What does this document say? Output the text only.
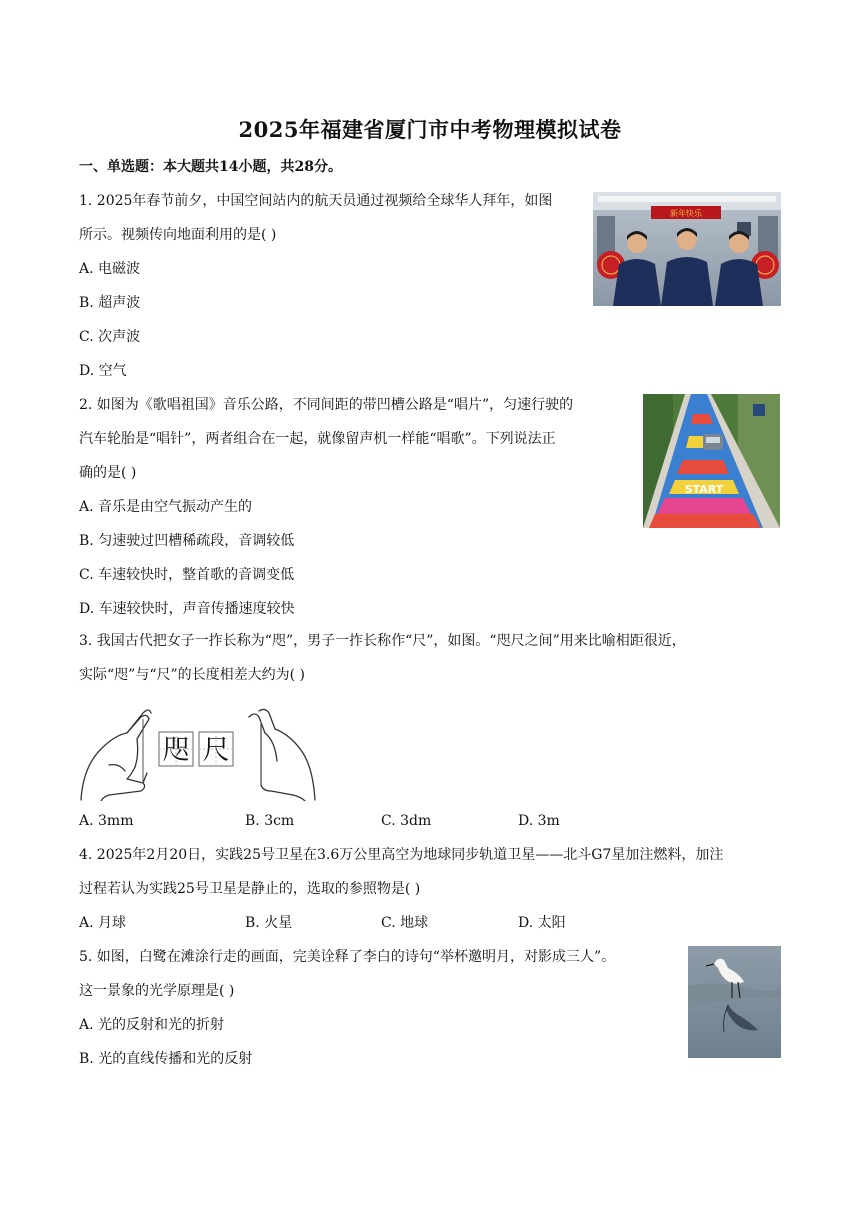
2025年福建省厦门市中考物理模拟试卷
一、单选题：本大题共14小题，共28分。
1. 2025年春节前夕，中国空间站内的航天员通过视频给全球华人拜年，如图
所示。视频传向地面利用的是( )
A. 电磁波
B. 超声波
C. 次声波
D. 空气
新年快乐
2. 如图为《歌唱祖国》音乐公路，不同间距的带凹槽公路是“唱片”，匀速行驶的
汽车轮胎是“唱针”，两者组合在一起，就像留声机一样能“唱歌”。下列说法正
确的是( )
A. 音乐是由空气振动产生的
B. 匀速驶过凹槽稀疏段，音调较低
C. 车速较快时，整首歌的音调变低
D. 车速较快时，声音传播速度较快
START
3. 我国古代把女子一拃长称为“咫”，男子一拃长称作“尺”，如图。“咫尺之间”用来比喻相距很近，
实际“咫”与“尺”的长度相差大约为( )
咫 尺
A. 3mm	B. 3cm	C. 3dm	D. 3m
4. 2025年2月20日，实践25号卫星在3.6万公里高空为地球同步轨道卫星——北斗G7星加注燃料，加注
过程若认为实践25号卫星是静止的，选取的参照物是( )
A. 月球	B. 火星	C. 地球	D. 太阳
5. 如图，白鹭在滩涂行走的画面，完美诠释了李白的诗句“举杯邀明月，对影成三人”。
这一景象的光学原理是( )
A. 光的反射和光的折射
B. 光的直线传播和光的反射
